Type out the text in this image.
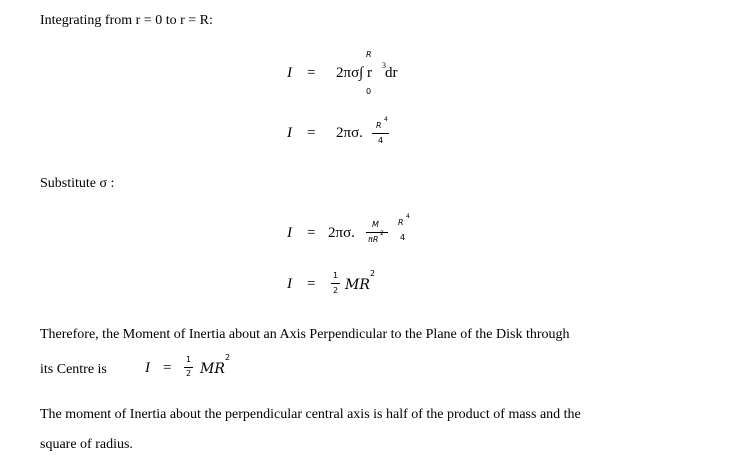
Integrating from r = 0 to r = R:
I = 2πσ∫ r 3 dr
R
0
I = 2πσ. R
4
4
Substitute σ :
I = 2πσ.
M
πR
2
R
4
4
I =
1
2 MR
2
Therefore, the Moment of Inertia about an Axis Perpendicular to the Plane of the Disk through
its Centre is	I =
1
2 MR
2
The moment of Inertia about the perpendicular central axis is half of the product of mass and the
square of radius.
